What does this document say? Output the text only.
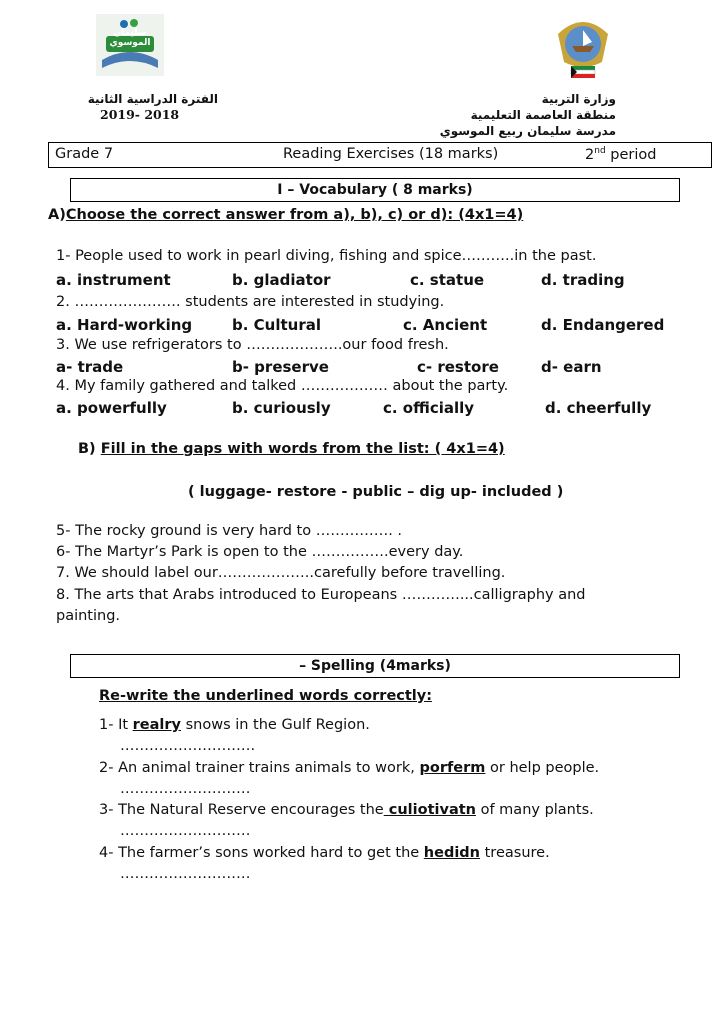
سليمان الموسوي
الفترة الدراسية الثانية
2019- 2018
وزارة التربية
منطقة العاصمة التعليمية
مدرسة سليمان ربيع الموسوي
Grade 7	Reading Exercises (18 marks)	2nd period
I – Vocabulary ( 8 marks)
A)Choose the correct answer from a), b), c) or d): (4x1=4)
1- People used to work in pearl diving, fishing and spice………..in the past.
a. instrument	b. gladiator	c. statue	d. trading
2. …………………. students are interested in studying.
a. Hard-working	b. Cultural	c. Ancient	d. Endangered
3. We use refrigerators to ………………..our food fresh.
a- trade	b- preserve	c- restore	d- earn
4. My family gathered and talked ……………… about the party.
a. powerfully	b. curiously	c. officially	d. cheerfully
B) Fill in the gaps with words from the list: ( 4x1=4)
( luggage- restore - public – dig up- included )
5- The rocky ground is very hard to ……………. .
6- The Martyr’s Park is open to the …………….every day.
7. We should label our………………..carefully before travelling.
8. The arts that Arabs introduced to Europeans …………...calligraphy and
painting.
– Spelling (4marks)
Re-write the underlined words correctly:
1- It realry snows in the Gulf Region.
……………………….
2- An animal trainer trains animals to work, porferm or help people.
………………………
3- The Natural Reserve encourages the culiotivatn of many plants.
………………………
4- The farmer’s sons worked hard to get the hedidn treasure.
………………………
